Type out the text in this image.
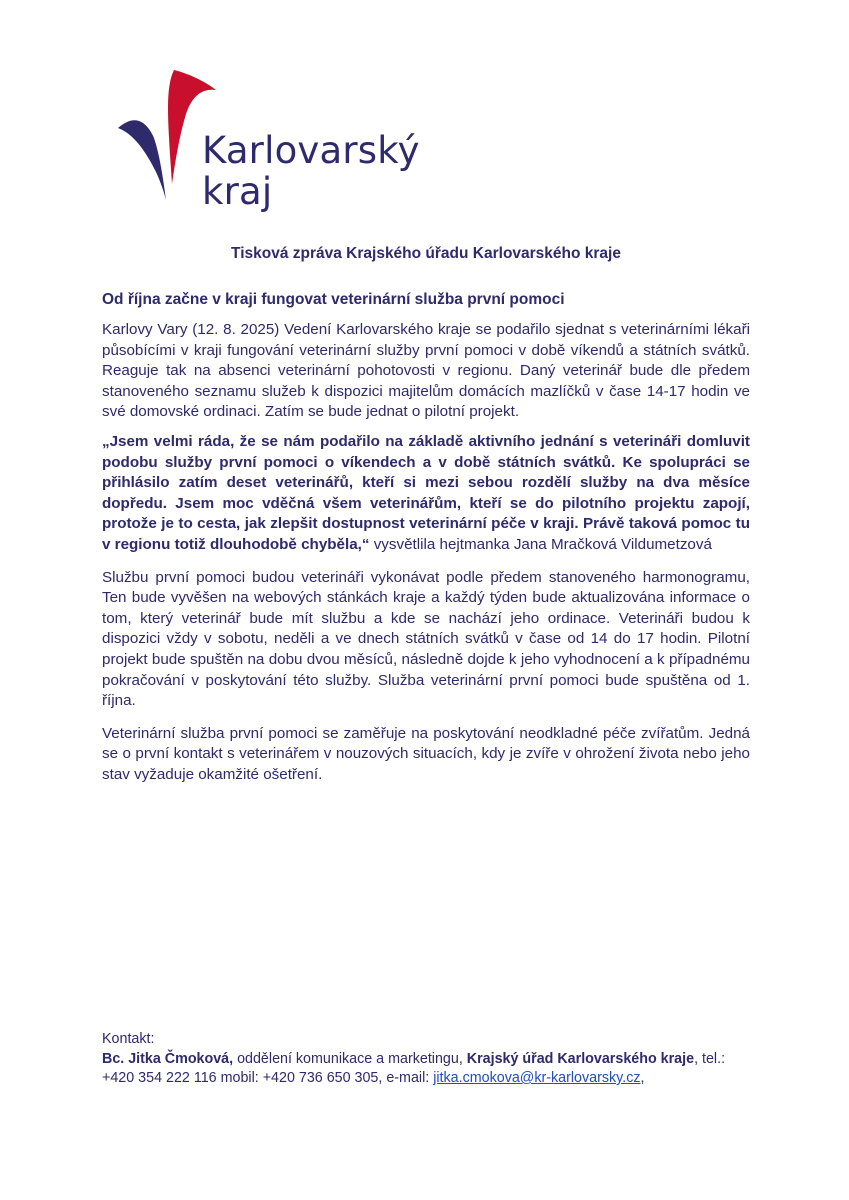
Karlovarský
kraj
Tisková zpráva Krajského úřadu Karlovarského kraje
Od října začne v kraji fungovat veterinární služba první pomoci

Karlovy Vary (12. 8. 2025) Vedení Karlovarského kraje se podařilo sjednat s veterinárními lékaři působícími v kraji fungování veterinární služby první pomoci v době víkendů a státních svátků. Reaguje tak na absenci veterinární pohotovosti v regionu. Daný veterinář bude dle předem stanoveného seznamu služeb k dispozici majitelům domácích mazlíčků v čase 14-17 hodin ve své domovské ordinaci. Zatím se bude jednat o pilotní projekt.

„Jsem velmi ráda, že se nám podařilo na základě aktivního jednání s veterináři domluvit podobu služby první pomoci o víkendech a v době státních svátků. Ke spolupráci se přihlásilo zatím deset veterinářů, kteří si mezi sebou rozdělí služby na dva měsíce dopředu. Jsem moc vděčná všem veterinářům, kteří se do pilotního projektu zapojí, protože je to cesta, jak zlepšit dostupnost veterinární péče v kraji. Právě taková pomoc tu v regionu totiž dlouhodobě chyběla,“ vysvětlila hejtmanka Jana Mračková Vildumetzová

Službu první pomoci budou veterináři vykonávat podle předem stanoveného harmonogramu, Ten bude vyvěšen na webových stánkách kraje a každý týden bude aktualizována informace o tom, který veterinář bude mít službu a kde se nachází jeho ordinace. Veterináři budou k dispozici vždy v sobotu, neděli a ve dnech státních svátků v čase od 14 do 17 hodin. Pilotní projekt bude spuštěn na dobu dvou měsíců, následně dojde k jeho vyhodnocení a k případnému pokračování v poskytování této služby. Služba veterinární první pomoci bude spuštěna od 1. října.

Veterinární služba první pomoci se zaměřuje na poskytování neodkladné péče zvířatům. Jedná se o první kontakt s veterinářem v nouzových situacích, kdy je zvíře v ohrožení života nebo jeho stav vyžaduje okamžité ošetření.

Kontakt:
Bc. Jitka Čmoková, oddělení komunikace a marketingu, Krajský úřad Karlovarského kraje, tel.: +420 354 222 116 mobil: +420 736 650 305, e-mail: jitka.cmokova@kr-karlovarsky.cz,
